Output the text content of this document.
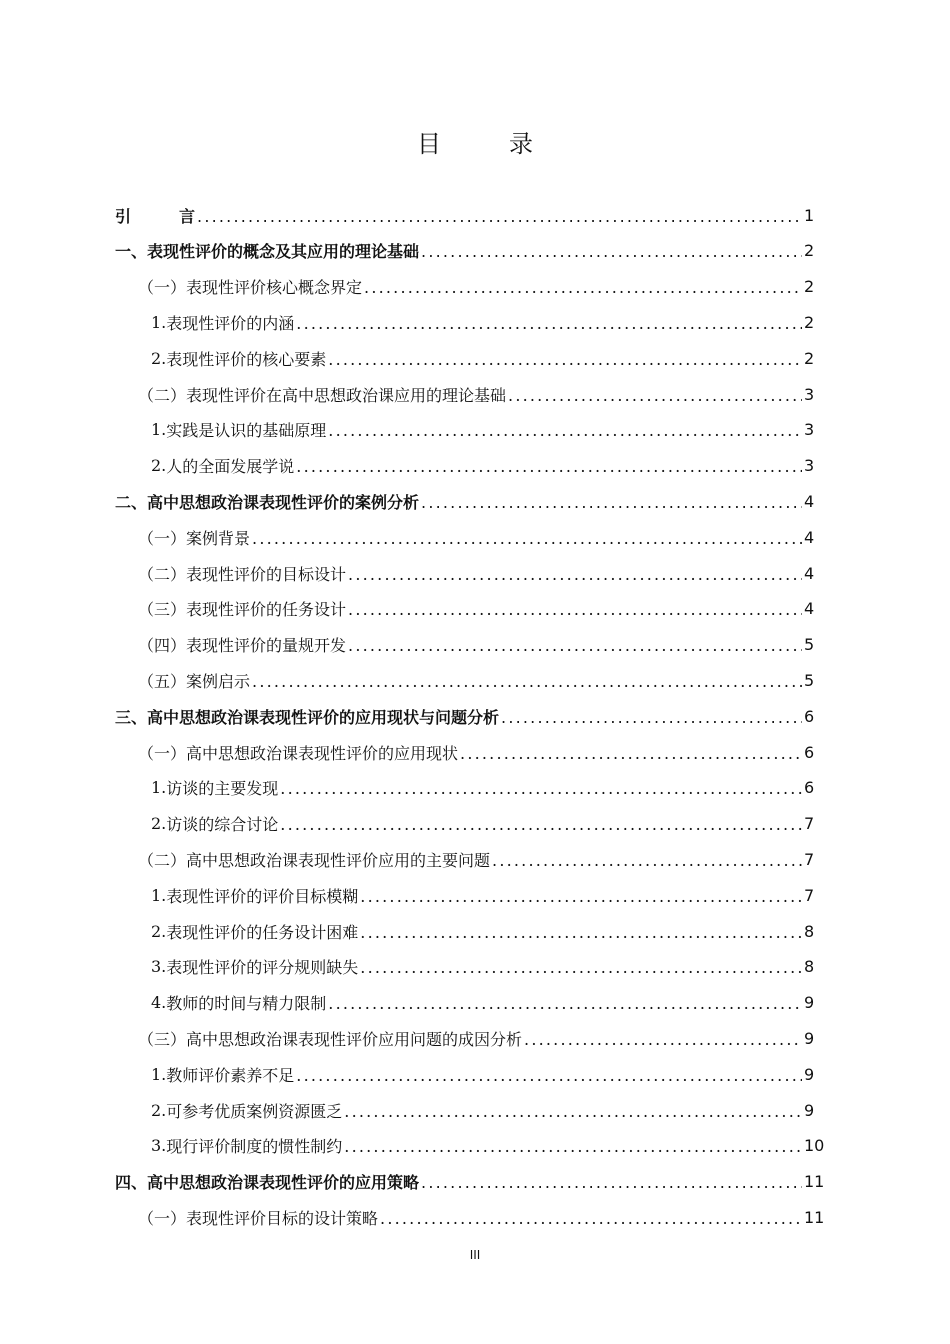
目　录
引　 言 .....	1
一、 表现性评价的概念及其应用的理论基础 .....	2
（一） 表现性评价核心概念界定 .....	2
1. 表现性评价的内涵 .....	2
2. 表现性评价的核心要素 .....	2
（二） 表现性评价在高中思想政治课应用的理论基础 .....	3
1. 实践是认识的基础原理 .....	3
2. 人的全面发展学说 .....	3
二、 高中思想政治课表现性评价的案例分析 .....	4
（一） 案例背景 .....	4
（二） 表现性评价的目标设计 .....	4
（三） 表现性评价的任务设计 .....	4
（四） 表现性评价的量规开发 .....	5
（五） 案例启示 .....	5
三、 高中思想政治课表现性评价的应用现状与问题分析 .....	6
（一） 高中思想政治课表现性评价的应用现状 .....	6
1. 访谈的主要发现 .....	6
2. 访谈的综合讨论 .....	7
（二） 高中思想政治课表现性评价应用的主要问题 .....	7
1. 表现性评价的评价目标模糊 .....	7
2. 表现性评价的任务设计困难 .....	8
3. 表现性评价的评分规则缺失 .....	8
4. 教师的时间与精力限制 .....	9
（三） 高中思想政治课表现性评价应用问题的成因分析 .....	9
1. 教师评价素养不足 .....	9
2. 可参考优质案例资源匮乏 .....	9
3. 现行评价制度的惯性制约 .....	10
四、 高中思想政治课表现性评价的应用策略 .....	11
（一） 表现性评价目标的设计策略 .....	11
III
